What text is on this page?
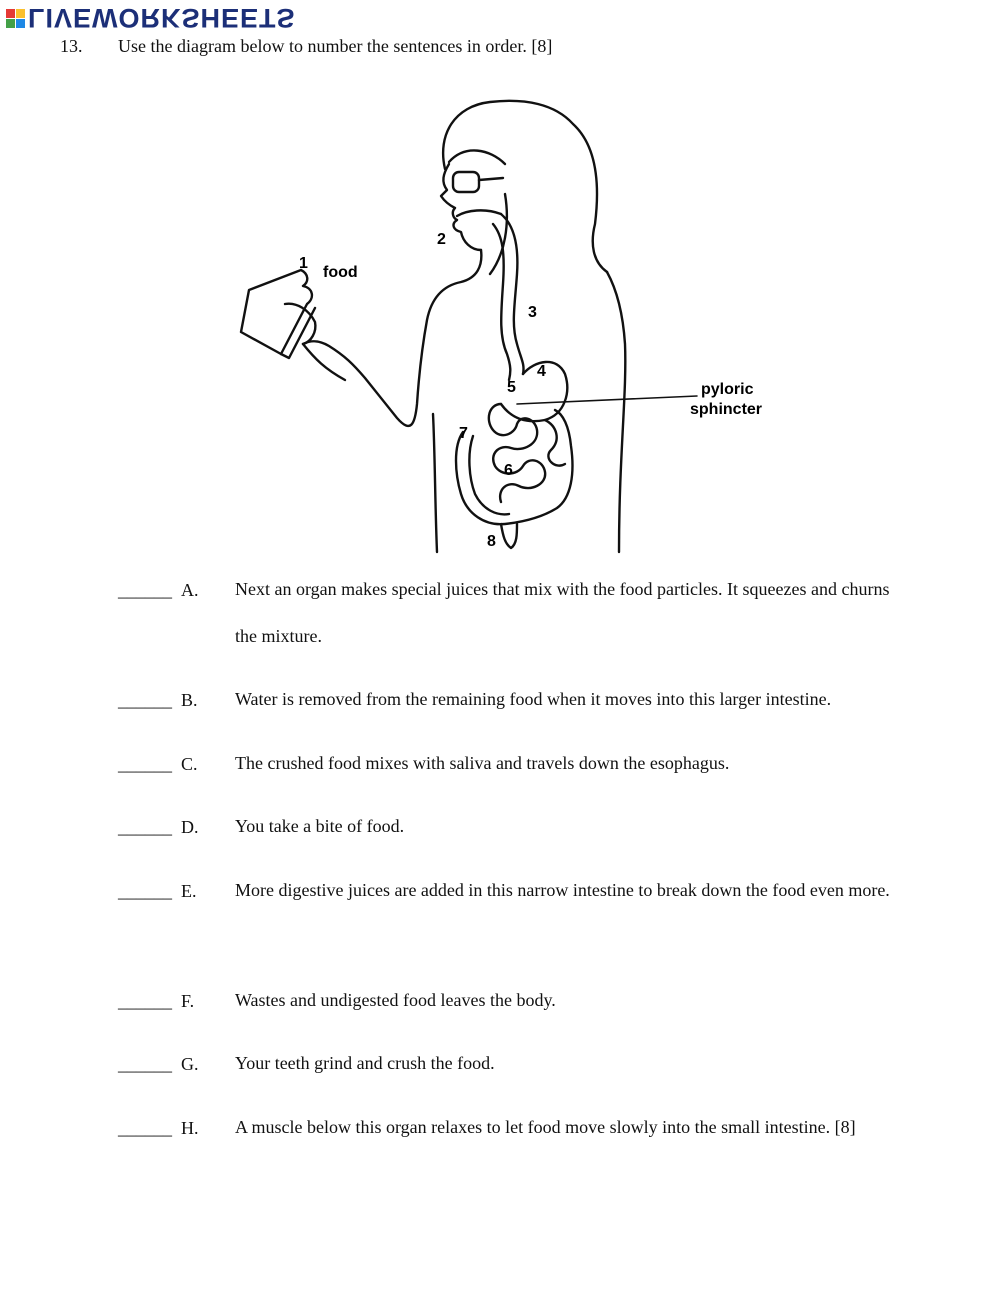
LIVEWORKSHEETS
13. Use the diagram below to number the sentences in order. [8]
1
food
2
3
4
5	pyloric
sphincter
6
7
8
______ A. Next an organ makes special juices that mix with the food particles. It squeezes and churns the mixture.
______ B. Water is removed from the remaining food when it moves into this larger intestine.
______ C. The crushed food mixes with saliva and travels down the esophagus.
______ D. You take a bite of food.
______ E. More digestive juices are added in this narrow intestine to break down the food even more.
______ F. Wastes and undigested food leaves the body.
______ G. Your teeth grind and crush the food.
______ H. A muscle below this organ relaxes to let food move slowly into the small intestine. [8]
